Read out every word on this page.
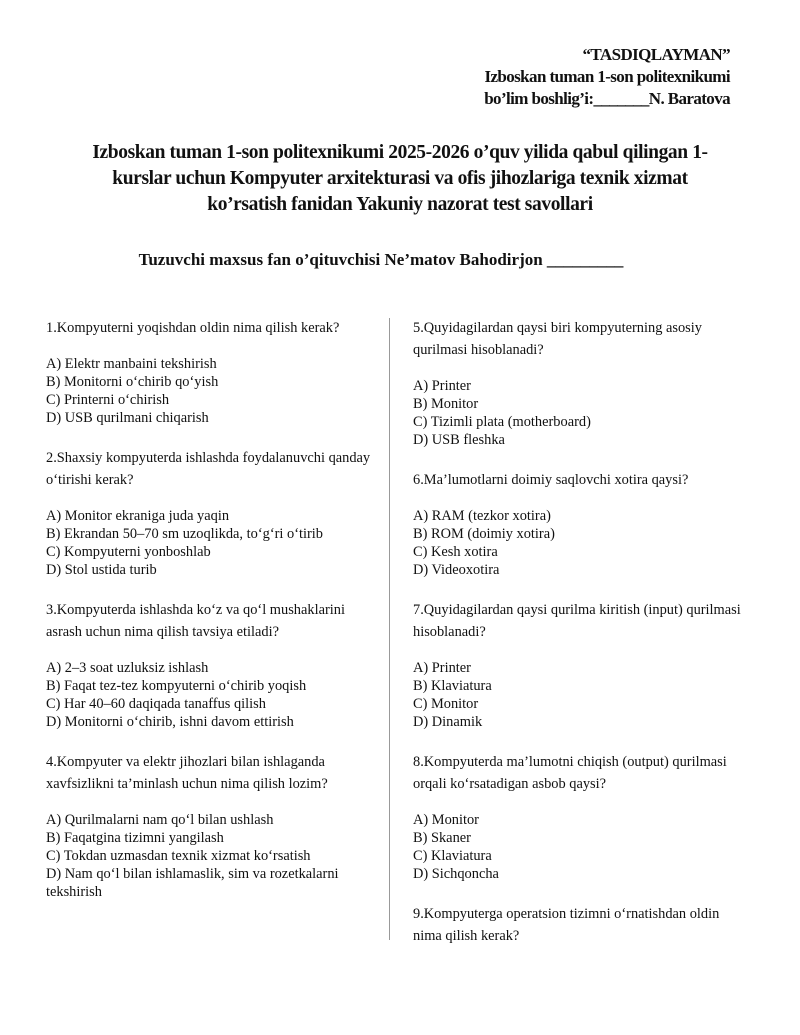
“TASDIQLAYMAN”
Izboskan tuman 1-son politexnikumi
bo’lim boshlig’i:_______N. Baratova
Izboskan tuman 1-son politexnikumi 2025-2026 o’quv yilida qabul qilingan 1-
kurslar uchun Kompyuter arxitekturasi va ofis jihozlariga texnik xizmat
ko’rsatish fanidan Yakuniy nazorat test savollari
Tuzuvchi maxsus fan o’qituvchisi Ne’matov Bahodirjon _________
1.Kompyuterni yoqishdan oldin nima qilish kerak?
A) Elektr manbaini tekshirish
B) Monitorni o‘chirib qo‘yish
C) Printerni o‘chirish
D) USB qurilmani chiqarish
2.Shaxsiy kompyuterda ishlashda foydalanuvchi qanday o‘tirishi kerak?
A) Monitor ekraniga juda yaqin
B) Ekrandan 50–70 sm uzoqlikda, to‘g‘ri o‘tirib
C) Kompyuterni yonboshlab
D) Stol ustida turib
3.Kompyuterda ishlashda ko‘z va qo‘l mushaklarini asrash uchun nima qilish tavsiya etiladi?
A) 2–3 soat uzluksiz ishlash
B) Faqat tez-tez kompyuterni o‘chirib yoqish
C) Har 40–60 daqiqada tanaffus qilish
D) Monitorni o‘chirib, ishni davom ettirish
4.Kompyuter va elektr jihozlari bilan ishlaganda xavfsizlikni ta’minlash uchun nima qilish lozim?
A) Qurilmalarni nam qo‘l bilan ushlash
B) Faqatgina tizimni yangilash
C) Tokdan uzmasdan texnik xizmat ko‘rsatish
D) Nam qo‘l bilan ishlamaslik, sim va rozetkalarni tekshirish
5.Quyidagilardan qaysi biri kompyuterning asosiy qurilmasi hisoblanadi?
A) Printer
B) Monitor
C) Tizimli plata (motherboard)
D) USB fleshka
6.Ma’lumotlarni doimiy saqlovchi xotira qaysi?
A) RAM (tezkor xotira)
B) ROM (doimiy xotira)
C) Kesh xotira
D) Videoxotira
7.Quyidagilardan qaysi qurilma kiritish (input) qurilmasi hisoblanadi?
A) Printer
B) Klaviatura
C) Monitor
D) Dinamik
8.Kompyuterda ma’lumotni chiqish (output) qurilmasi orqali ko‘rsatadigan asbob qaysi?
A) Monitor
B) Skaner
C) Klaviatura
D) Sichqoncha
9.Kompyuterga operatsion tizimni o‘rnatishdan oldin nima qilish kerak?
